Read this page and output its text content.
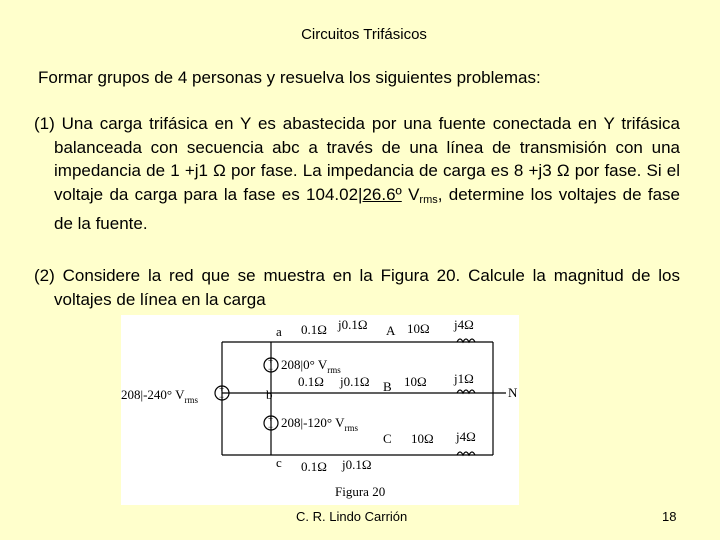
Circuitos Trifásicos
Formar grupos de 4 personas y resuelva los siguientes problemas:
(1) Una carga trifásica en Y es abastecida por una fuente conectada en Y trifásica balanceada con secuencia abc a través de una línea de transmisión con una impedancia de 1 +j1 Ω por fase. La impedancia de carga es 8 +j3 Ω por fase. Si el voltaje da carga para la fase es 104.02|26.6º $V_{rms}$, determine los voltajes de fase de la fuente.
(2) Considere la red que se muestra en la Figura 20. Calcule la magnitud de los voltajes de línea en la carga
+
−
+
−
+
−
a
b
c
A
B
C
N
0.1Ω j0.1Ω
0.1Ω j0.1Ω
0.1Ω j0.1Ω
10Ω j4Ω
10Ω j1Ω
10Ω j4Ω
208|0° $V_{rms}$
208|-240° $V_{rms}$
208|-120° $V_{rms}$
Figura 20
C. R. Lindo Carrión	18
